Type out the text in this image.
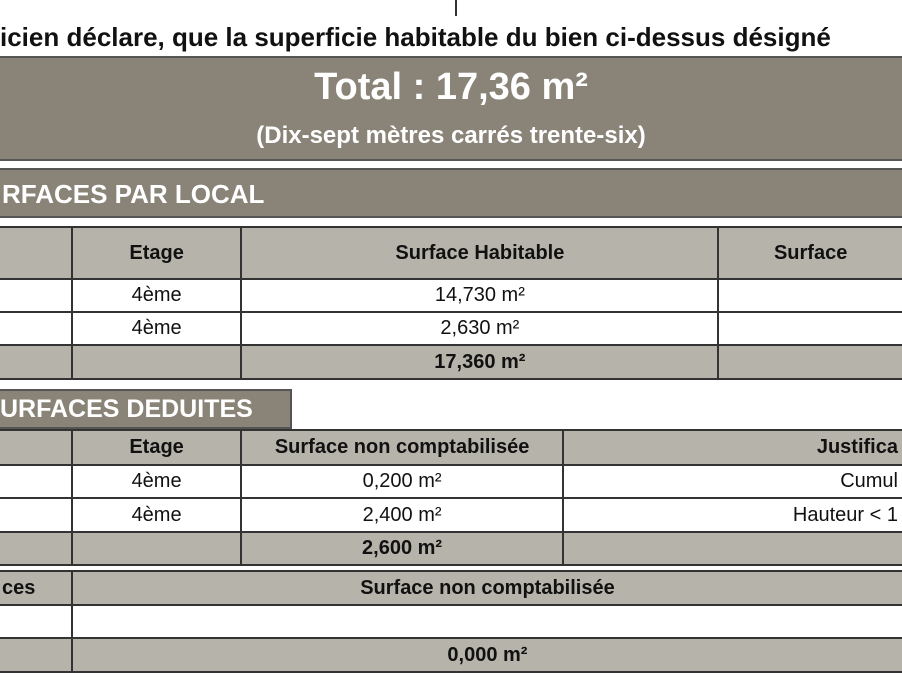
icien déclare, que la superficie habitable du bien ci-dessus désigné
Total : 17,36 m²
(Dix-sept mètres carrés trente-six)
RFACES PAR LOCAL
	Etage	Surface Habitable	Surface
	4ème	14,730 m²	
	4ème	2,630 m²	
		17,360 m²	
URFACES DEDUITES
	Etage	Surface non comptabilisée	Justifica
	4ème	0,200 m²	Cumul
	4ème	2,400 m²	Hauteur < 1
		2,600 m²	
ces	Surface non comptabilisée

	0,000 m²
